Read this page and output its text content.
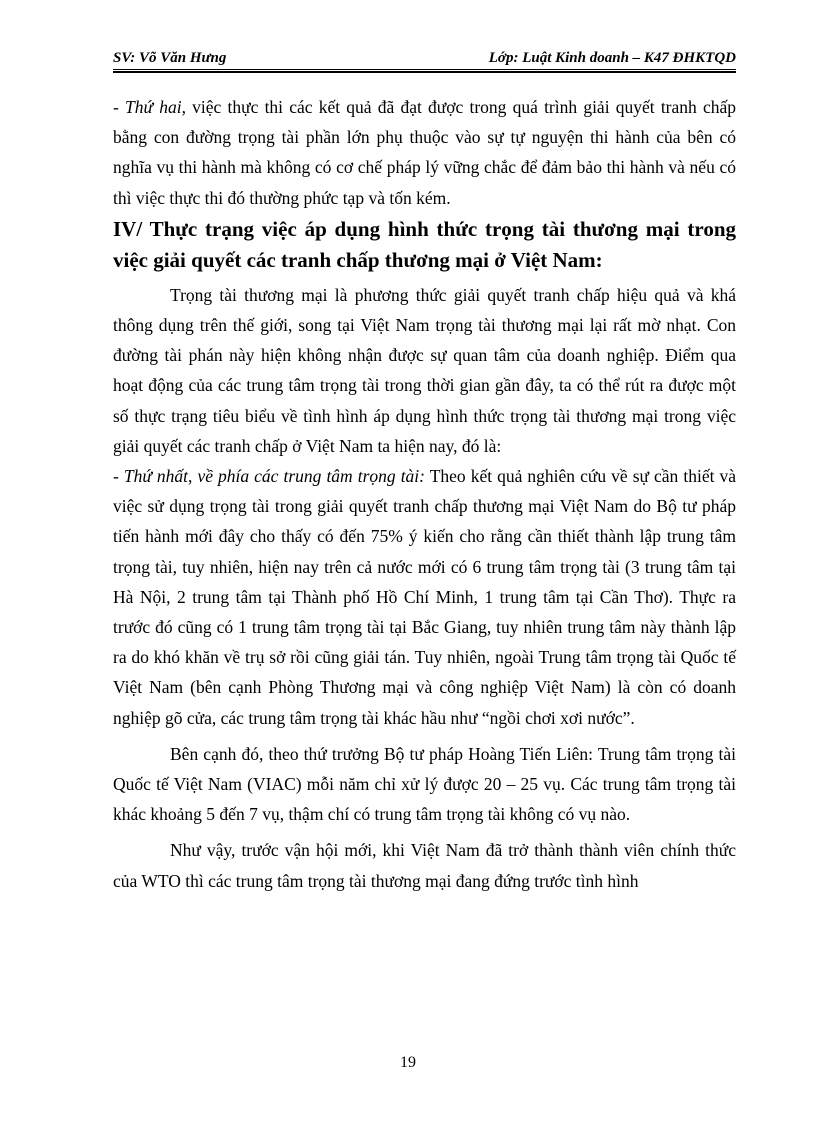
SV: Võ Văn Hưng	Lớp: Luật Kinh doanh – K47 ĐHKTQD

- Thứ hai, việc thực thi các kết quả đã đạt được trong quá trình giải quyết tranh chấp bằng con đường trọng tài phần lớn phụ thuộc vào sự tự nguyện thi hành của bên có nghĩa vụ thi hành mà không có cơ chế pháp lý vững chắc để đảm bảo thi hành và nếu có thì việc thực thi đó thường phức tạp và tốn kém.

IV/ Thực trạng việc áp dụng hình thức trọng tài thương mại trong việc giải quyết các tranh chấp thương mại ở Việt Nam:

Trọng tài thương mại là phương thức giải quyết tranh chấp hiệu quả và khá thông dụng trên thế giới, song tại Việt Nam trọng tài thương mại lại rất mờ nhạt. Con đường tài phán này hiện không nhận được sự quan tâm của doanh nghiệp. Điểm qua hoạt động của các trung tâm trọng tài trong thời gian gần đây, ta có thể rút ra được một số thực trạng tiêu biểu về tình hình áp dụng hình thức trọng tài thương mại trong việc giải quyết các tranh chấp ở Việt Nam ta hiện nay, đó là:

- Thứ nhất, về phía các trung tâm trọng tài: Theo kết quả nghiên cứu về sự cần thiết và việc sử dụng trọng tài trong giải quyết tranh chấp thương mại Việt Nam do Bộ tư pháp tiến hành mới đây cho thấy có đến 75% ý kiến cho rằng cần thiết thành lập trung tâm trọng tài, tuy nhiên, hiện nay trên cả nước mới có 6 trung tâm trọng tài (3 trung tâm tại Hà Nội, 2 trung tâm tại Thành phố Hồ Chí Minh, 1 trung tâm tại Cần Thơ). Thực ra trước đó cũng có 1 trung tâm trọng tài tại Bắc Giang, tuy nhiên trung tâm này thành lập ra do khó khăn về trụ sở rồi cũng giải tán. Tuy nhiên, ngoài Trung tâm trọng tài Quốc tế Việt Nam (bên cạnh Phòng Thương mại và công nghiệp Việt Nam) là còn có doanh nghiệp gõ cửa, các trung tâm trọng tài khác hầu như “ngồi chơi xơi nước”.

Bên cạnh đó, theo thứ trưởng Bộ tư pháp Hoàng Tiến Liên: Trung tâm trọng tài Quốc tế Việt Nam (VIAC) mỗi năm chỉ xử lý được 20 – 25 vụ. Các trung tâm trọng tài khác khoảng 5 đến 7 vụ, thậm chí có trung tâm trọng tài không có vụ nào.

Như vậy, trước vận hội mới, khi Việt Nam đã trở thành thành viên chính thức của WTO thì các trung tâm trọng tài thương mại đang đứng trước tình hình

19
